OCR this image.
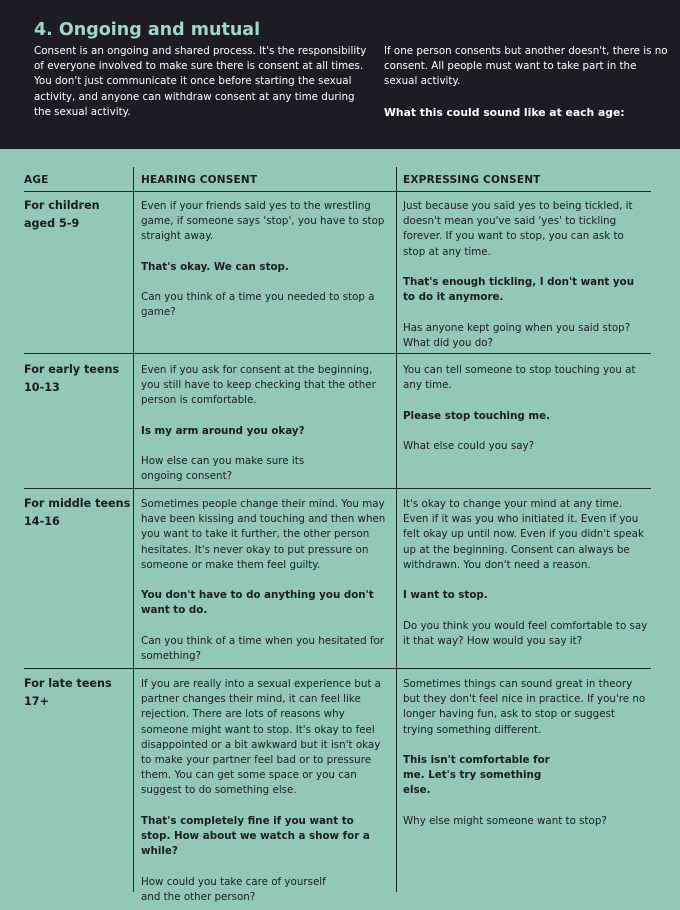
4. Ongoing and mutual
Consent is an ongoing and shared process. It's the responsibility of everyone involved to make sure there is consent at all times. You don't just communicate it once before starting the sexual activity, and anyone can withdraw consent at any time during the sexual activity.
If one person consents but another doesn't, there is no consent. All people must want to take part in the sexual activity.
What this could sound like at each age:
AGE	HEARING CONSENT	EXPRESSING CONSENT
For children
aged 5-9

Even if your friends said yes to the wrestling game, if someone says 'stop', you have to stop straight away.

That's okay. We can stop.

Can you think of a time you needed to stop a game?

Just because you said yes to being tickled, it doesn't mean you've said 'yes' to tickling forever. If you want to stop, you can ask to stop at any time.

That's enough tickling, I don't want you to do it anymore.

Has anyone kept going when you said stop? What did you do?

For early teens
10-13

Even if you ask for consent at the beginning, you still have to keep checking that the other person is comfortable.

Is my arm around you okay?

How else can you make sure its ongoing consent?

You can tell someone to stop touching you at any time.

Please stop touching me.

What else could you say?

For middle teens
14-16

Sometimes people change their mind. You may have been kissing and touching and then when you want to take it further, the other person hesitates. It's never okay to put pressure on someone or make them feel guilty.

You don't have to do anything you don't want to do.

Can you think of a time when you hesitated for something?

It's okay to change your mind at any time. Even if it was you who initiated it. Even if you felt okay up until now. Even if you didn't speak up at the beginning. Consent can always be withdrawn. You don't need a reason.

I want to stop.

Do you think you would feel comfortable to say it that way? How would you say it?

For late teens
17+

If you are really into a sexual experience but a partner changes their mind, it can feel like rejection. There are lots of reasons why someone might want to stop. It's okay to feel disappointed or a bit awkward but it isn't okay to make your partner feel bad or to pressure them. You can get some space or you can suggest to do something else.

That's completely fine if you want to stop. How about we watch a show for a while?

How could you take care of yourself and the other person?

Sometimes things can sound great in theory but they don't feel nice in practice. If you're no longer having fun, ask to stop or suggest trying something different.

This isn't comfortable for me. Let's try something else.

Why else might someone want to stop?
